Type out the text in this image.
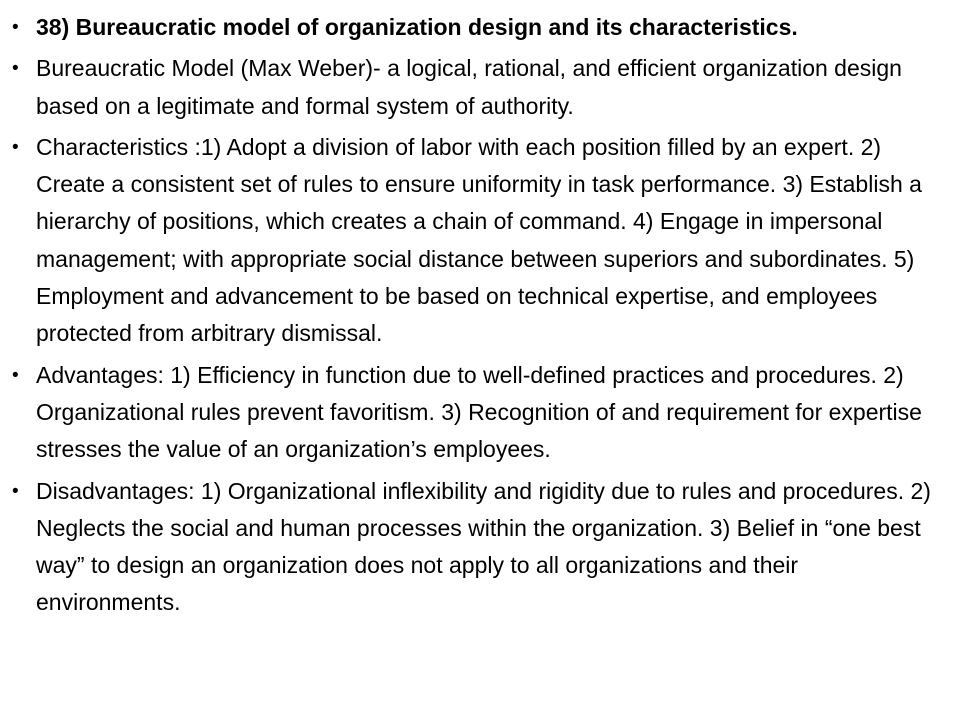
• 38) Bureaucratic model of organization design and its characteristics.
• Bureaucratic Model (Max Weber)- a logical, rational, and efficient organization design based on a legitimate and formal system of authority.
• Characteristics :1) Adopt a division of labor with each position filled by an expert. 2) Create a consistent set of rules to ensure uniformity in task performance. 3) Establish a hierarchy of positions, which creates a chain of command. 4) Engage in impersonal management; with appropriate social distance between superiors and subordinates. 5) Employment and advancement to be based on technical expertise, and employees protected from arbitrary dismissal.
• Advantages: 1) Efficiency in function due to well-defined practices and procedures. 2) Organizational rules prevent favoritism. 3) Recognition of and requirement for expertise stresses the value of an organization’s employees.
• Disadvantages: 1) Organizational inflexibility and rigidity due to rules and procedures. 2) Neglects the social and human processes within the organization. 3) Belief in “one best way” to design an organization does not apply to all organizations and their environments.
